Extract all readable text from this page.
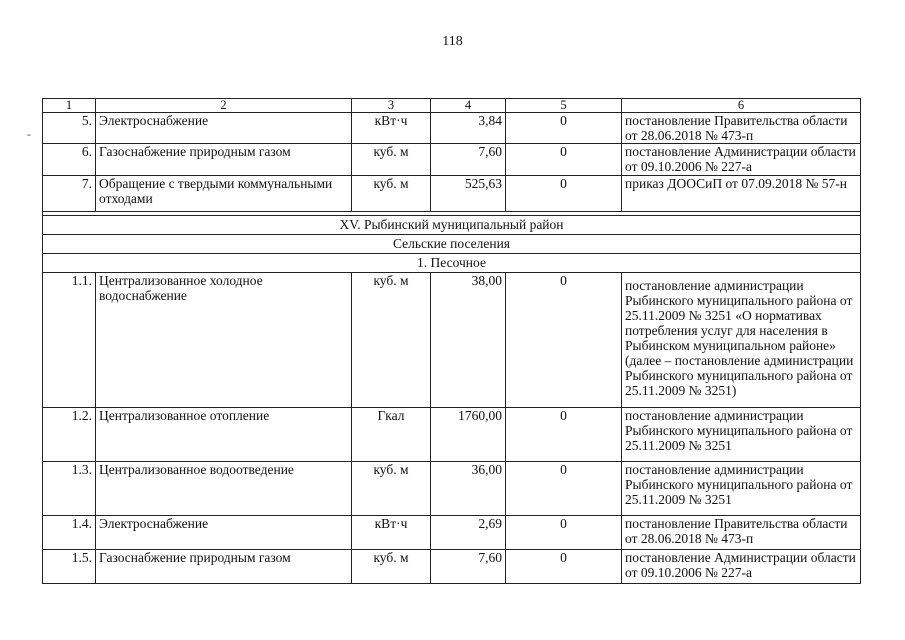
118
-
1	2	3	4	5	6
5.	Электроснабжение	кВт·ч	3,84	0	постановление Правительства области от 28.06.2018 № 473-п
6.	Газоснабжение природным газом	куб. м	7,60	0	постановление Администрации области от 09.10.2006 № 227-а
7.	Обращение с твердыми коммунальными отходами	куб. м	525,63	0	приказ ДООСиП от 07.09.2018 № 57-н

XV. Рыбинский муниципальный район					
Сельские поселения					
1. Песочное					
1.1.	Централизованное холодное водоснабжение	куб. м	38,00	0	постановление администрации Рыбинского муниципального района от 25.11.2009 № 3251 «О нормативах потребления услуг для населения в Рыбинском муниципальном районе» (далее – постановление администрации Рыбинского муниципального района от 25.11.2009 № 3251)
1.2.	Централизованное отопление	Гкал	1760,00	0	постановление администрации Рыбинского муниципального района от 25.11.2009 № 3251
1.3.	Централизованное водоотведение	куб. м	36,00	0	постановление администрации Рыбинского муниципального района от 25.11.2009 № 3251
1.4.	Электроснабжение	кВт·ч	2,69	0	постановление Правительства области от 28.06.2018 № 473-п
1.5.	Газоснабжение природным газом	куб. м	7,60	0	постановление Администрации области от 09.10.2006 № 227-а
